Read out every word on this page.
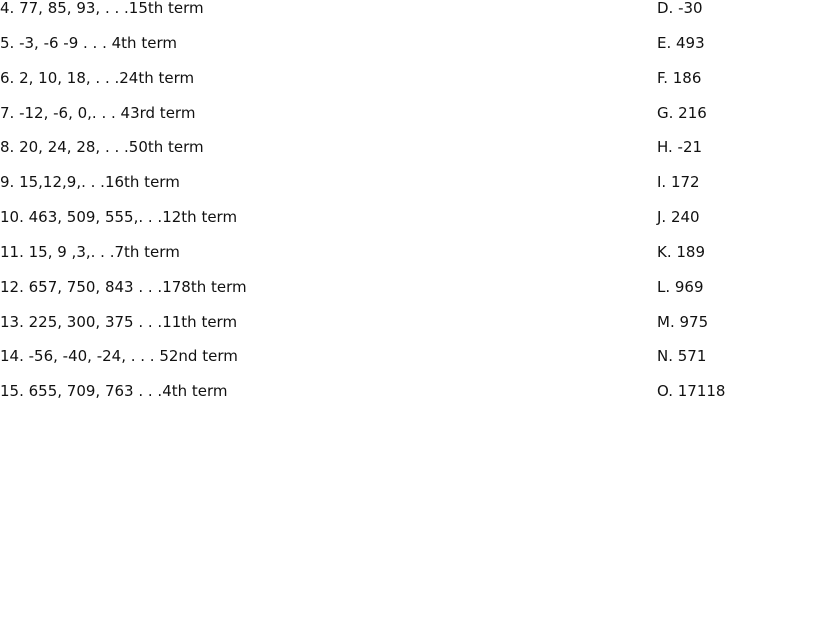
4. 77, 85, 93, . . .15th term	D. -30
5. -3, -6 -9 . . . 4th term	E. 493
6. 2, 10, 18, . . .24th term	F. 186
7. -12, -6, 0,. . . 43rd term	G. 216
8. 20, 24, 28, . . .50th term	H. -21
9. 15,12,9,. . .16th term	I. 172
10. 463, 509, 555,. . .12th term	J. 240
11. 15, 9 ,3,. . .7th term	K. 189
12. 657, 750, 843 . . .178th term	L. 969
13. 225, 300, 375 . . .11th term	M. 975
14. -56, -40, -24, . . . 52nd term	N. 571
15. 655, 709, 763 . . .4th term	O. 17118
